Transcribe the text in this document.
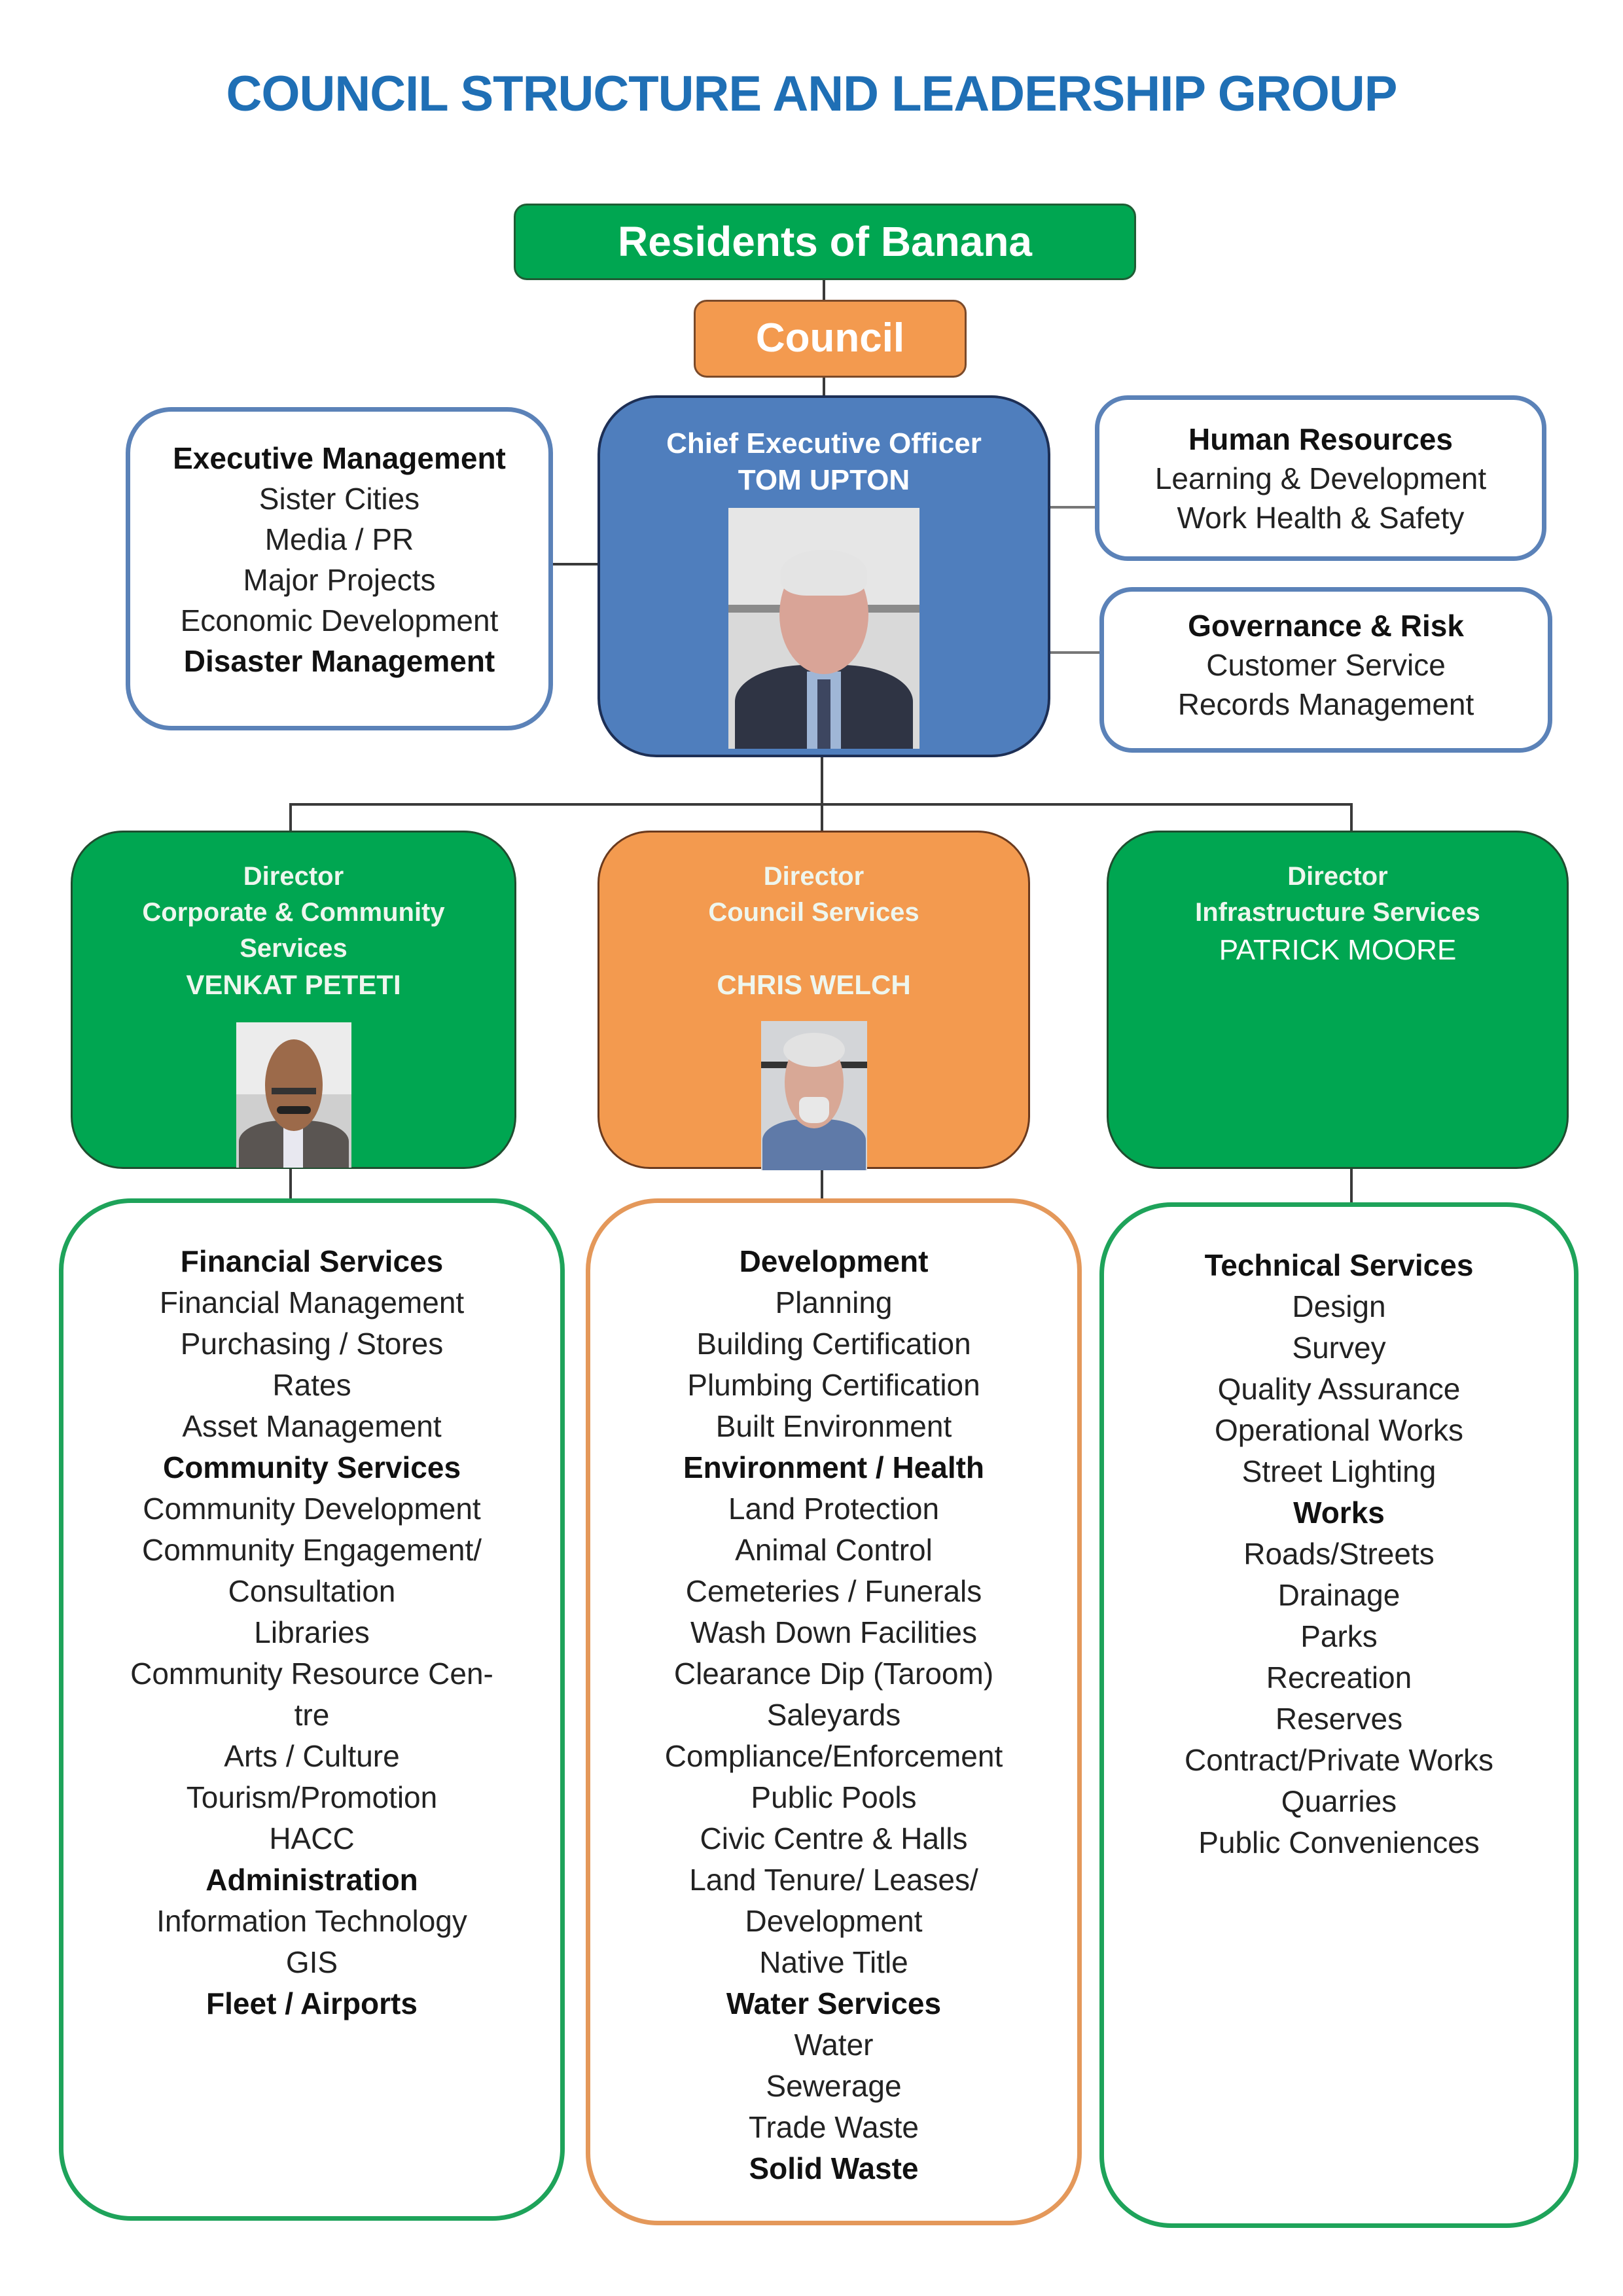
COUNCIL STRUCTURE AND LEADERSHIP GROUP
Residents of Banana
Council
Executive Management
Sister Cities
Media / PR
Major Projects
Economic Development
Disaster Management
Chief Executive Officer
TOM UPTON
Human Resources
Learning & Development
Work Health & Safety
Governance & Risk
Customer Service
Records Management
Director
Corporate & Community
Services
VENKAT PETETI
Director
Council Services
CHRIS WELCH
Director
Infrastructure Services
PATRICK MOORE
Financial Services
Financial Management
Purchasing / Stores
Rates
Asset Management
Community Services
Community Development
Community Engagement/
Consultation
Libraries
Community Resource Cen-
tre
Arts / Culture
Tourism/Promotion
HACC
Administration
Information Technology
GIS
Fleet / Airports
Development
Planning
Building Certification
Plumbing Certification
Built Environment
Environment / Health
Land Protection
Animal Control
Cemeteries / Funerals
Wash Down Facilities
Clearance Dip (Taroom)
Saleyards
Compliance/Enforcement
Public Pools
Civic Centre & Halls
Land Tenure/ Leases/
Development
Native Title
Water Services
Water
Sewerage
Trade Waste
Solid Waste
Technical Services
Design
Survey
Quality Assurance
Operational Works
Street Lighting
Works
Roads/Streets
Drainage
Parks
Recreation
Reserves
Contract/Private Works
Quarries
Public Conveniences
